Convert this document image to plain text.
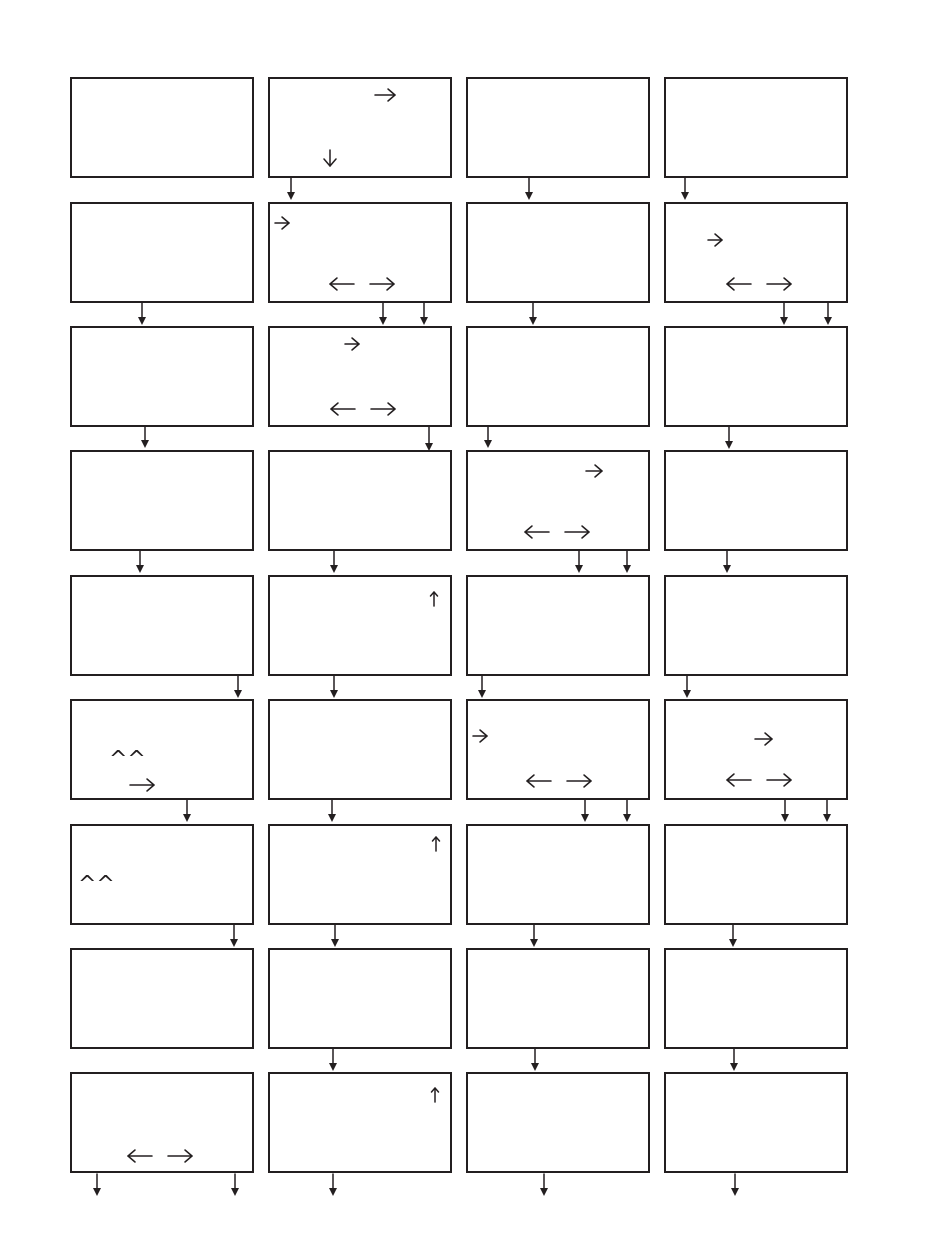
^^
^^
